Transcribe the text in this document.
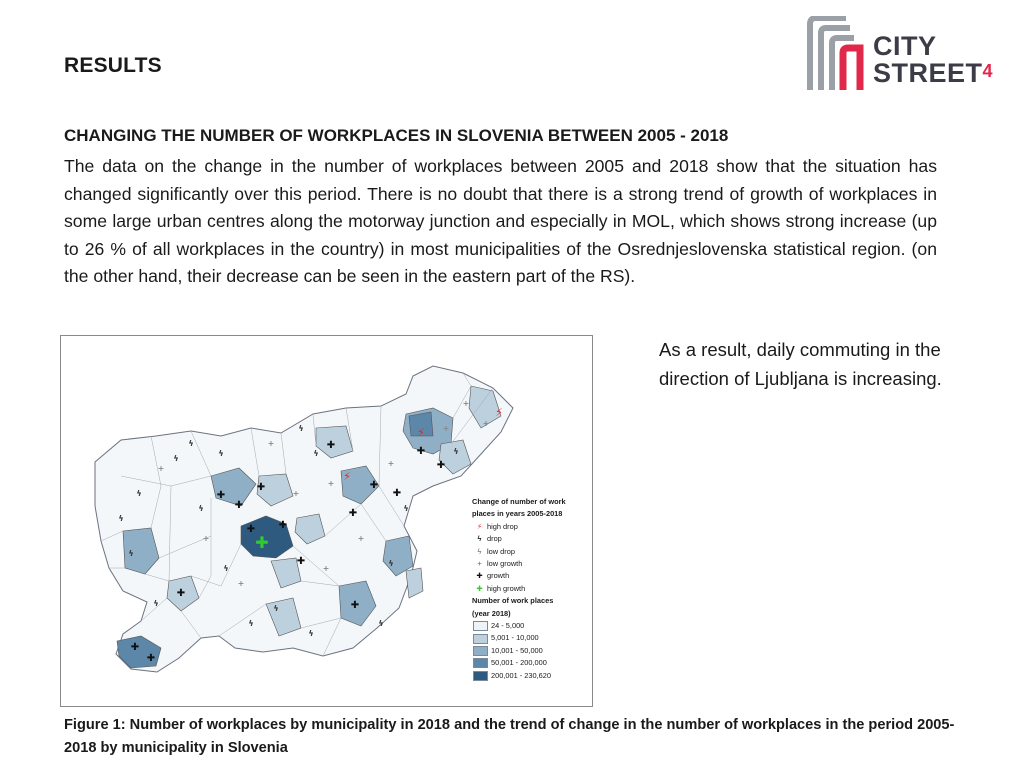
RESULTS
CITY
STREET$^4$
CHANGING THE NUMBER OF WORKPLACES IN SLOVENIA BETWEEN 2005 - 2018
The data on the change in the number of workplaces between 2005 and 2018 show that the situation has changed significantly over this period. There is no doubt that there is a strong trend of growth of workplaces in some large urban centres along the motorway junction and especially in MOL, which shows strong increase (up to 26 % of all workplaces in the country) in most municipalities of the Osrednjeslovenska statistical region. (on the other hand, their decrease can be seen in the eastern part of the RS).
As a result, daily commuting in the direction of Ljubljana is increasing.
✚
⚡
⚡
⚡
✚
✚ ✚
✚
✚
✚
✚
✚
✚
✚
✚
✚
✚
✚
✚
✚
ϟ
ϟ
ϟ
ϟ
ϟ
ϟ
ϟ
ϟ
ϟ
ϟ
ϟ
ϟ	ϟ
ϟ
ϟ
ϟ
ϟ
ϟ
+
+
+
+
+
+
+
+
+
+
+
+
Change of number of work
places in years 2005-2018
⚡ high drop
ϟ drop
ϟ low drop
+ low growth
✚ growth
✚ high growth
Number of work places
(year 2018)
24 - 5,000
5,001 - 10,000
10,001 - 50,000
50,001 - 200,000
200,001 - 230,620
Figure 1: Number of workplaces by municipality in 2018 and the trend of change in the number of workplaces in the period 2005-2018 by municipality in Slovenia
